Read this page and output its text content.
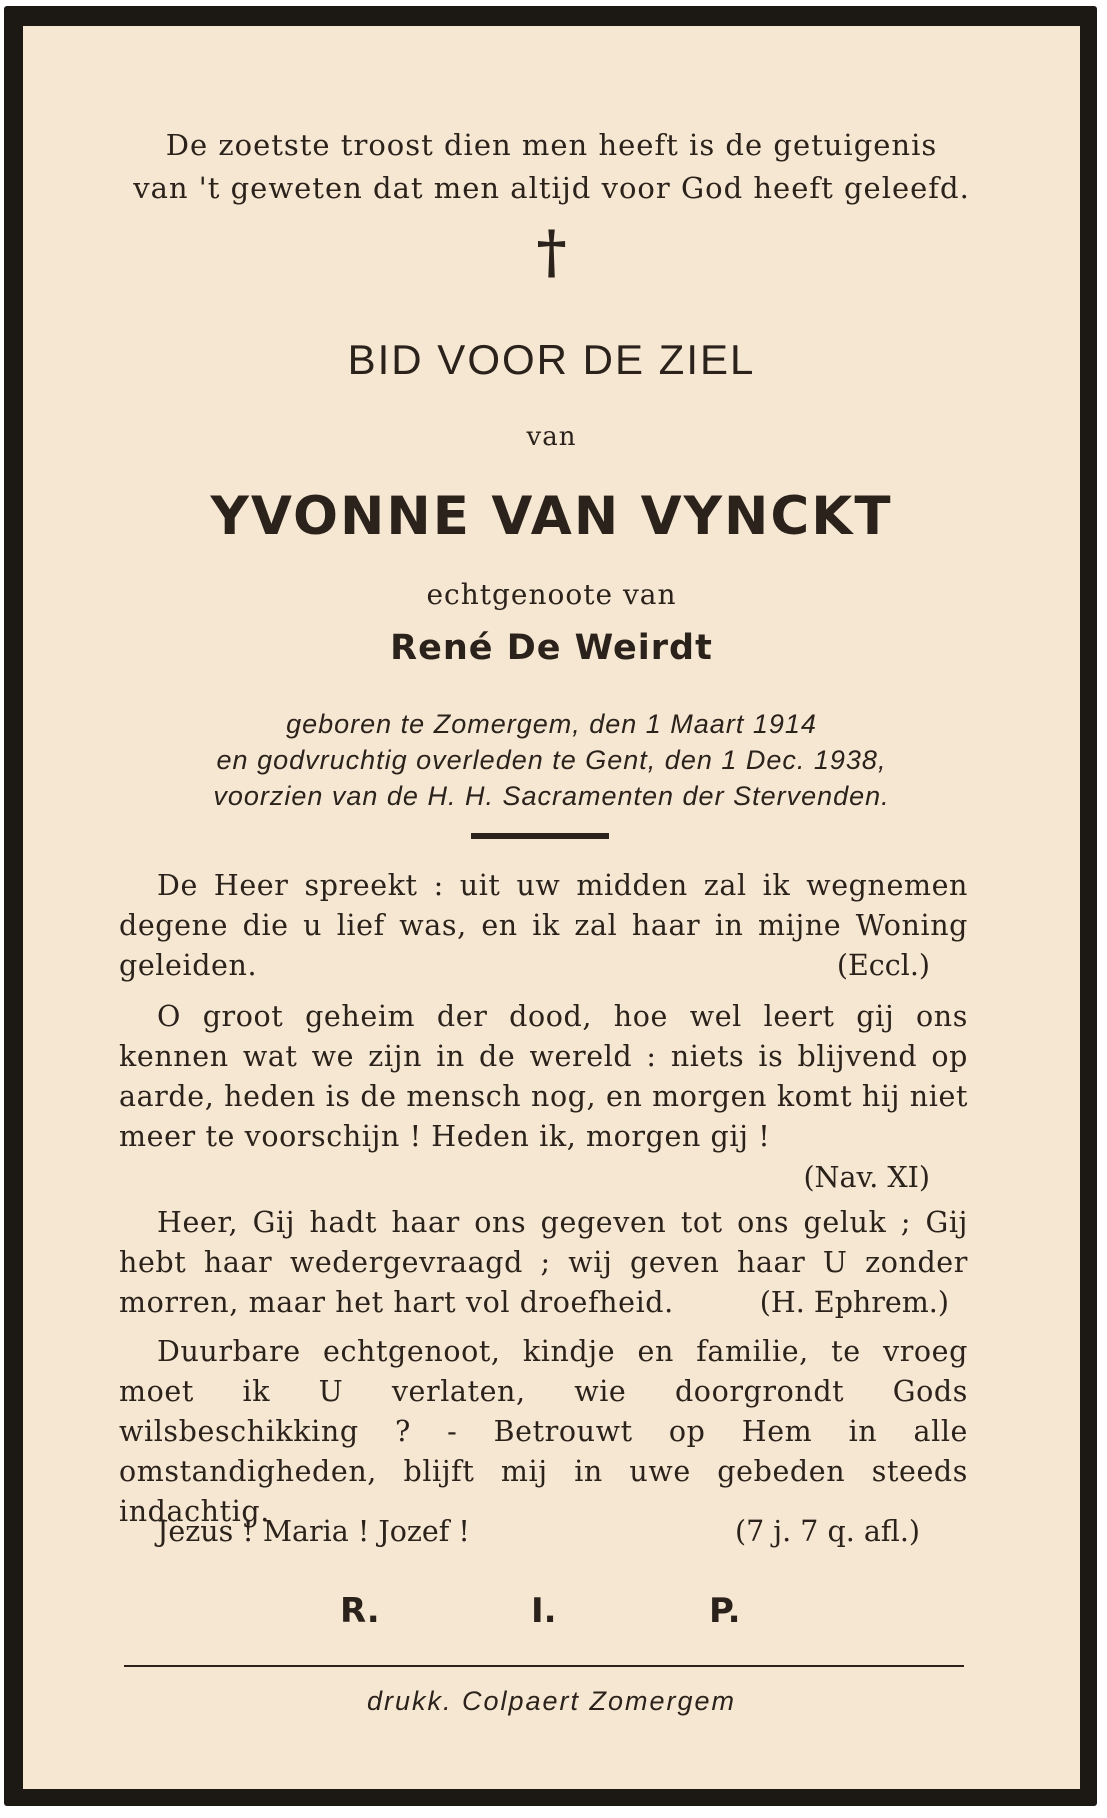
De zoetste troost dien men heeft is de getuigenis
van 't geweten dat men altijd voor God heeft geleefd.

†
BID VOOR DE ZIEL
van
YVONNE VAN VYNCKT
echtgenoote van
René De Weirdt

geboren te Zomergem, den 1 Maart 1914
en godvruchtig overleden te Gent, den 1 Dec. 1938,
voorzien van de H. H. Sacramenten der Stervenden.

De Heer spreekt : uit uw midden zal ik wegnemen degene die u lief was, en ik zal haar in mijne Woning geleiden.	(Eccl.)

O groot geheim der dood, hoe wel leert gij ons kennen wat we zijn in de wereld : niets is blijvend op aarde, heden is de mensch nog, en morgen komt hij niet meer te voorschijn ! Heden ik, morgen gij !

(Nav. XI)

Heer, Gij hadt haar ons gegeven tot ons geluk ; Gij hebt haar wedergevraagd ; wij geven haar U zonder morren, maar het hart vol droefheid.	(H. Ephrem.)

Duurbare echtgenoot, kindje en familie, te vroeg moet ik U verlaten, wie doorgrondt Gods wilsbeschikking ? - Betrouwt op Hem in alle omstandigheden, blijft mij in uwe gebeden steeds indachtig.

Jezus ! Maria ! Jozef !	(7 j. 7 q. afl.)
R.	I.	P.
drukk. Colpaert Zomergem
